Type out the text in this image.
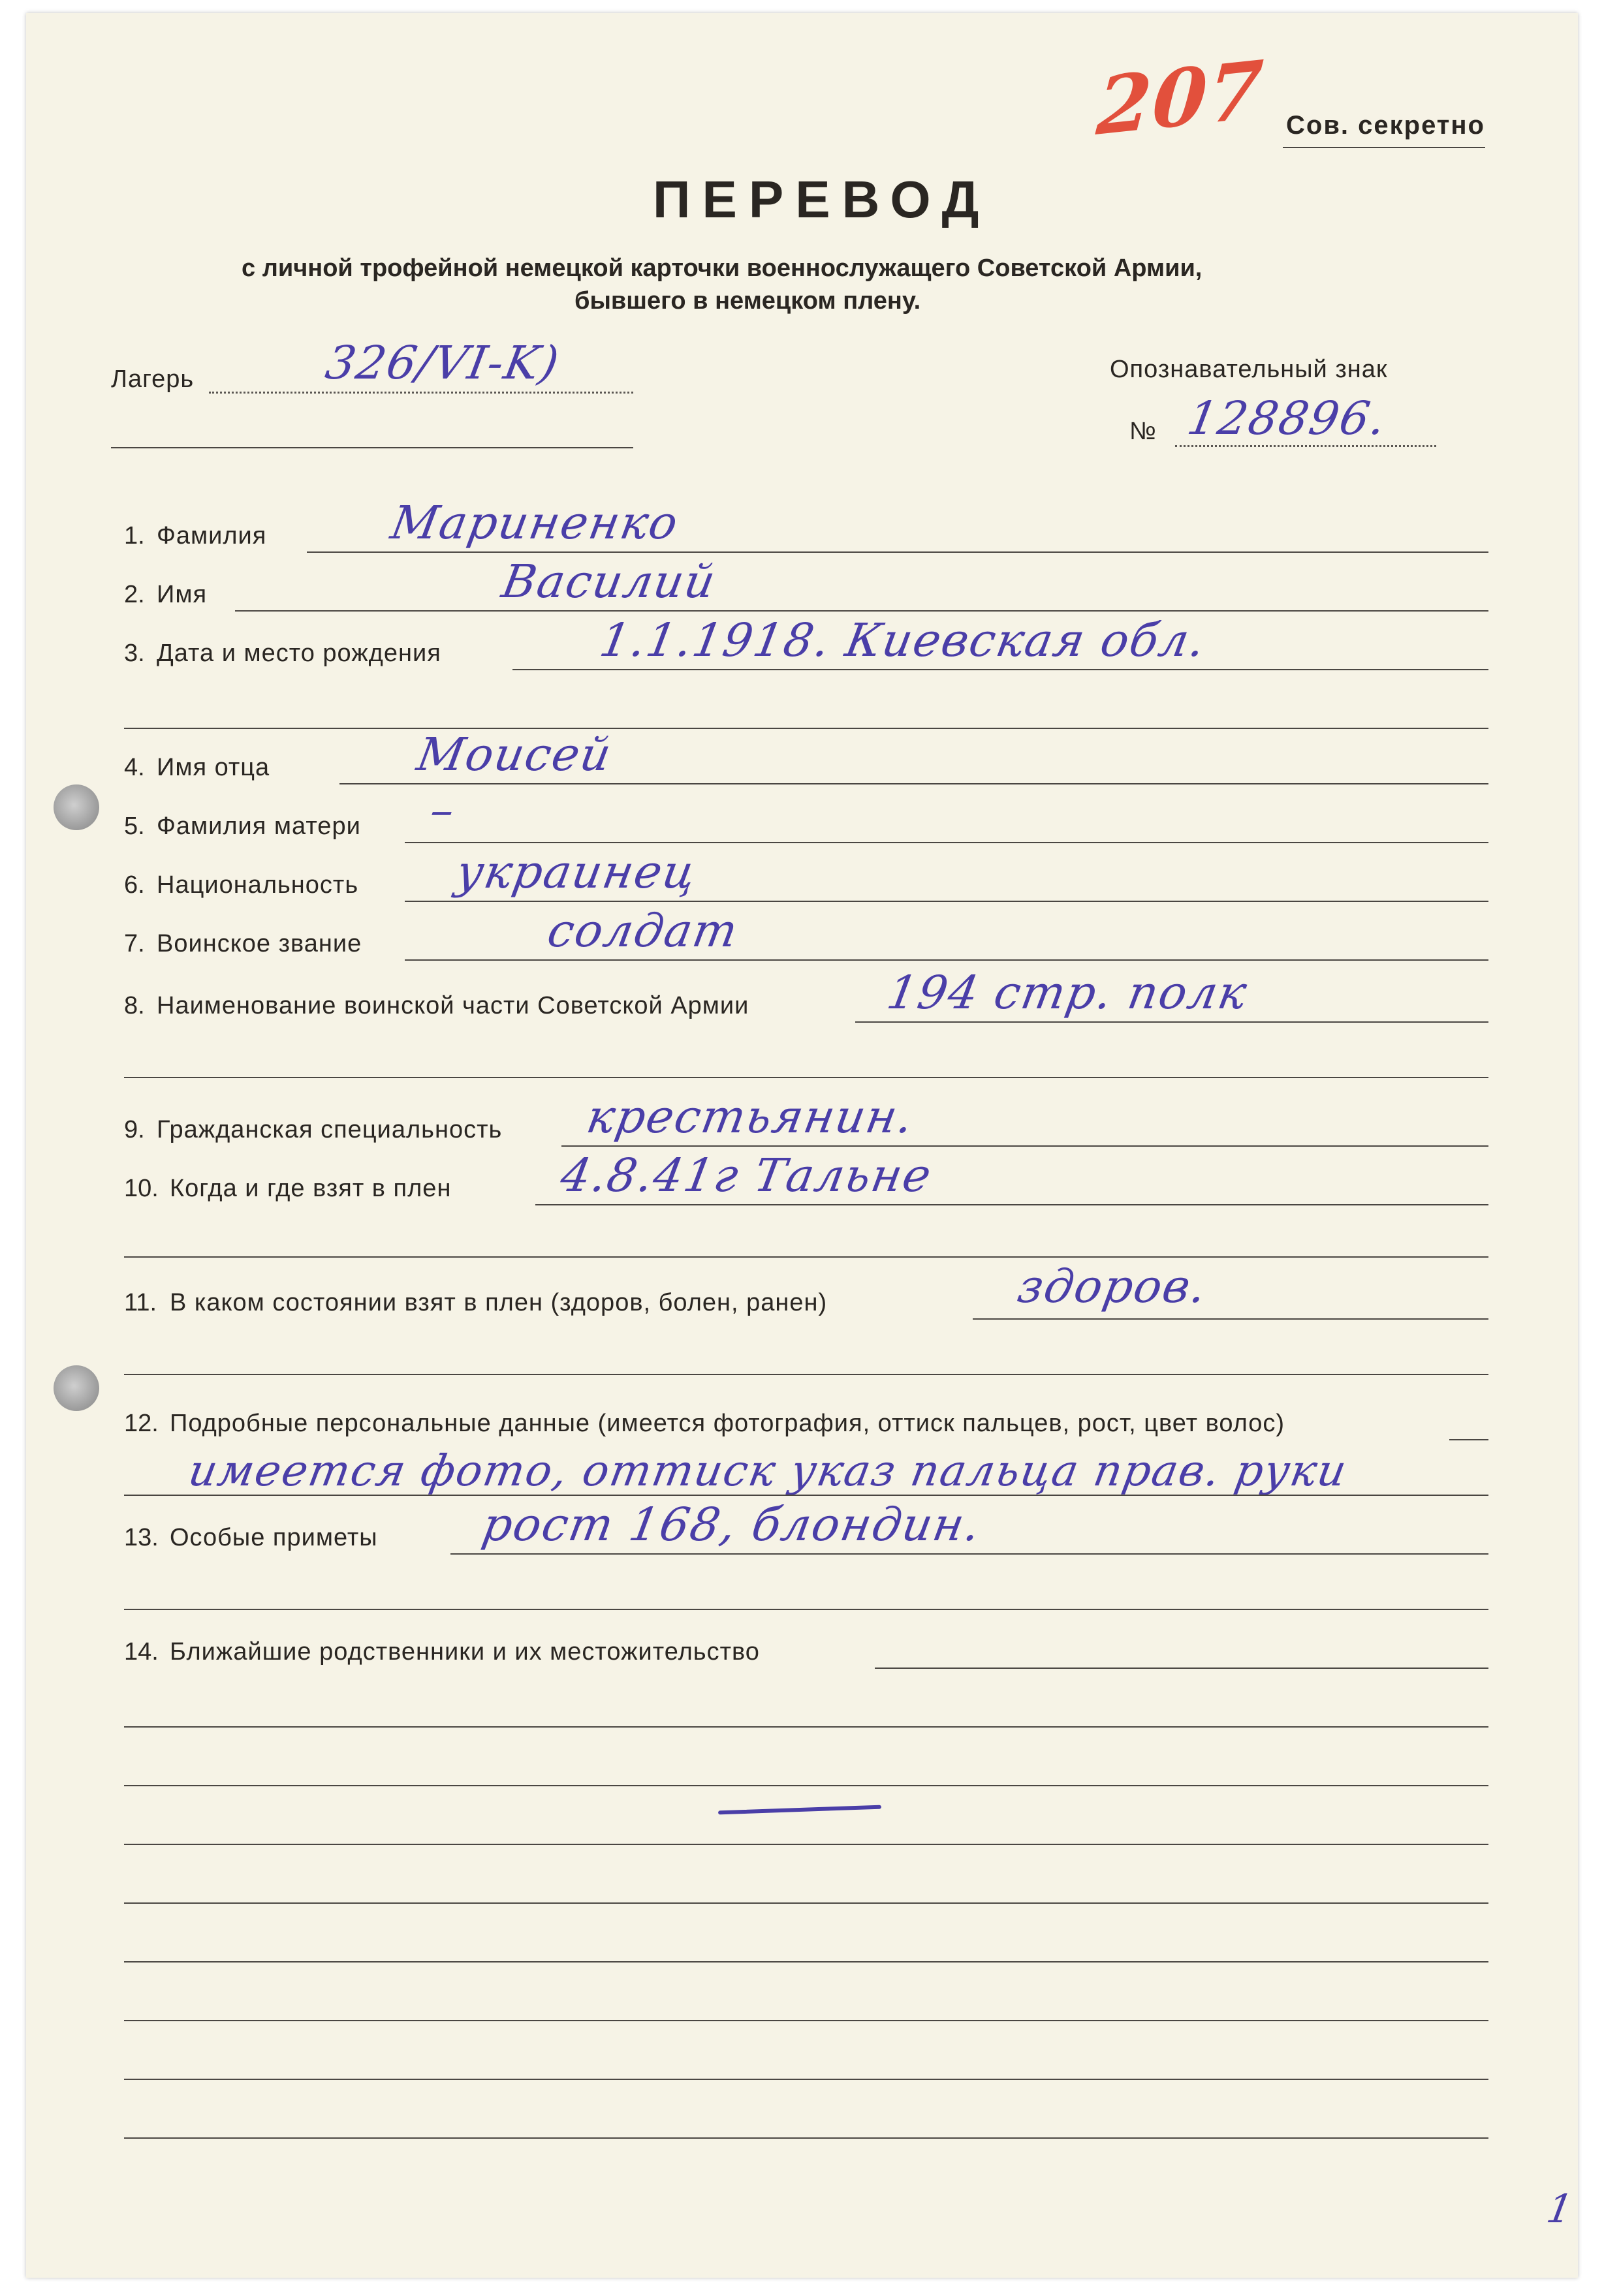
207 Сов. секретно
ПЕРЕВОД
с личной трофейной немецкой карточки военнослужащего Советской Армии,
бывшего в немецком плену.
Лагерь	326/VI-K)	Опознавательный знак
№ 128896.
1. Фамилия	Мариненко
2. Имя	Василий
3. Дата и место рождения	1.1.1918. Киевская обл.
4. Имя отца	Моисей
5. Фамилия матери –
6. Национальность украинец
7. Воинское звание	солдат
8. Наименование воинской части Советской Армии	194 стр. полк
9. Гражданская специальность крестьянин.
10. Когда и где взят в плен 4.8.41г Тальне
11. В каком состоянии взят в плен (здоров, болен, ранен)	здоров.
12. Подробные персональные данные (имеется фотография, оттиск пальцев, рост, цвет волос)
имеется фото, оттиск указ пальца прав. руки
13. Особые приметы рост 168, блондин.
14. Ближайшие родственники и их местожительство
1
